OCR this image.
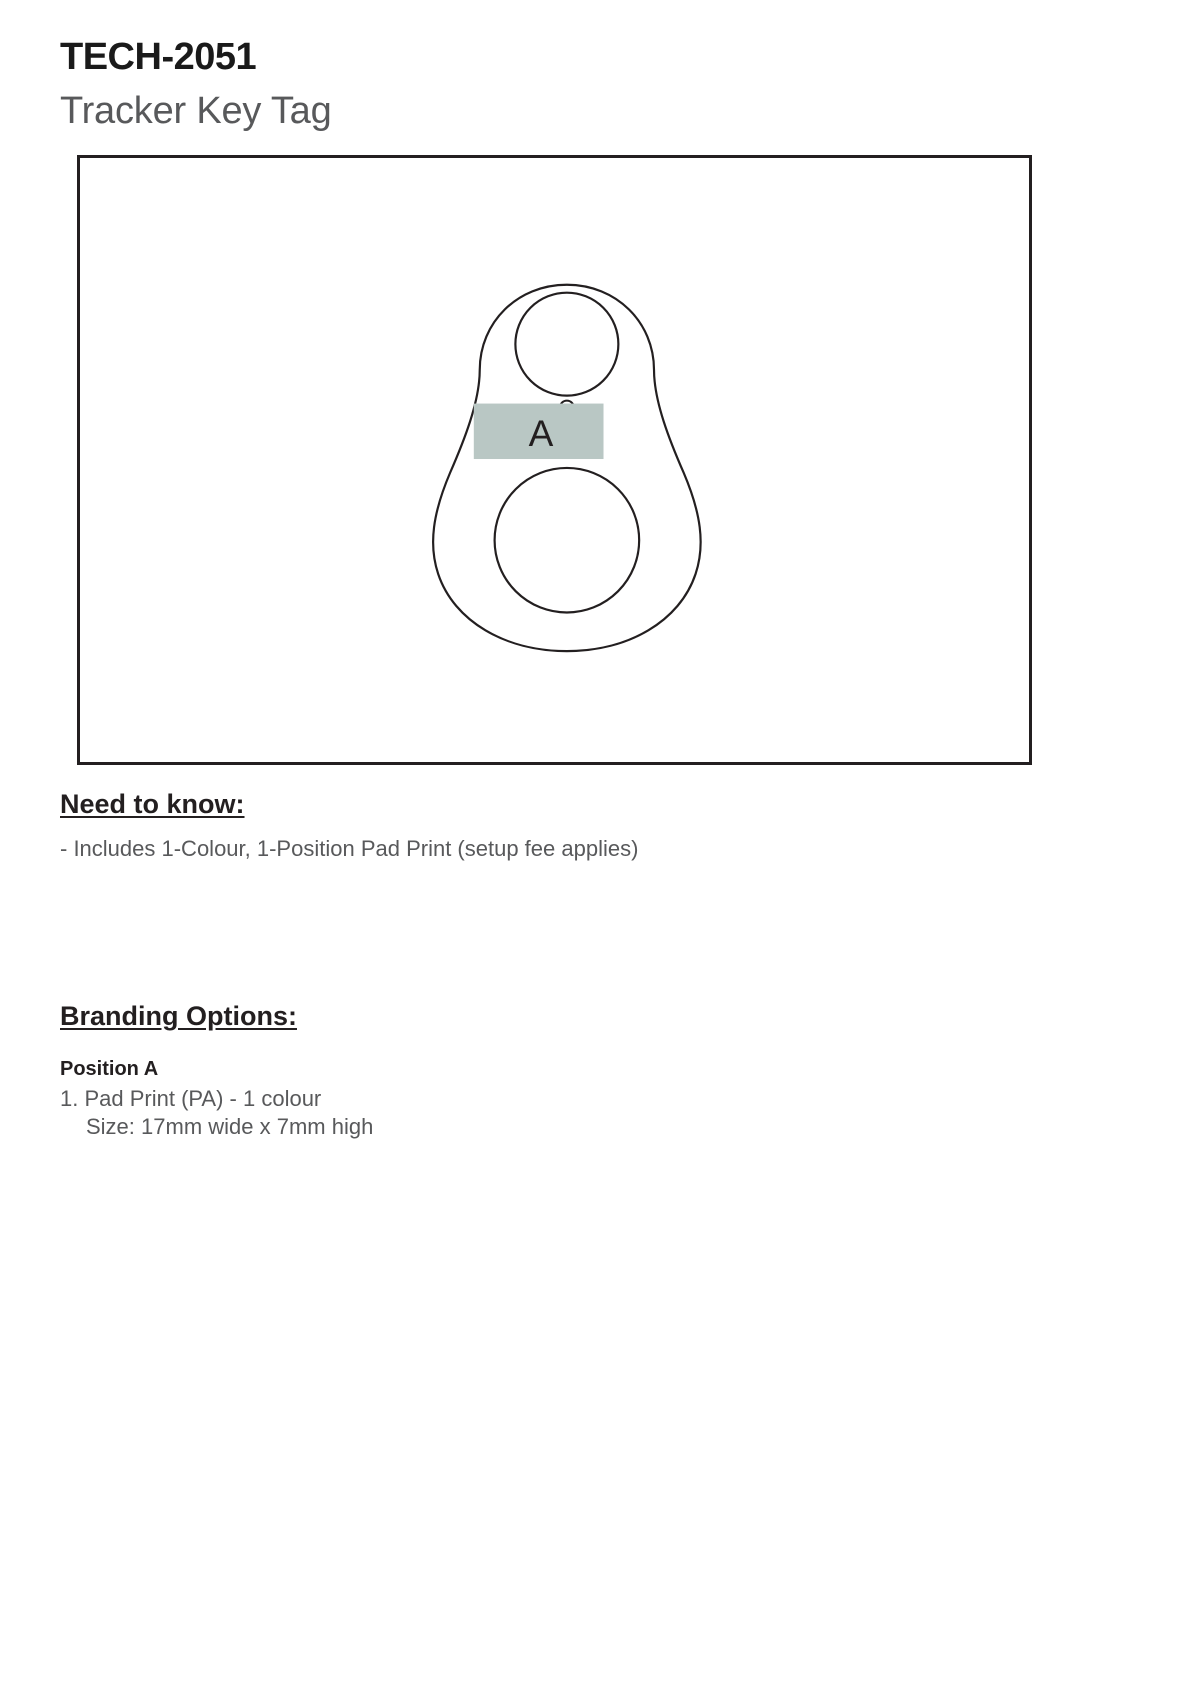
TECH-2051
Tracker Key Tag
A
Need to know:
- Includes 1-Colour, 1-Position Pad Print (setup fee applies)
Branding Options:
Position A
1. Pad Print (PA) - 1 colour
Size: 17mm wide x 7mm high
